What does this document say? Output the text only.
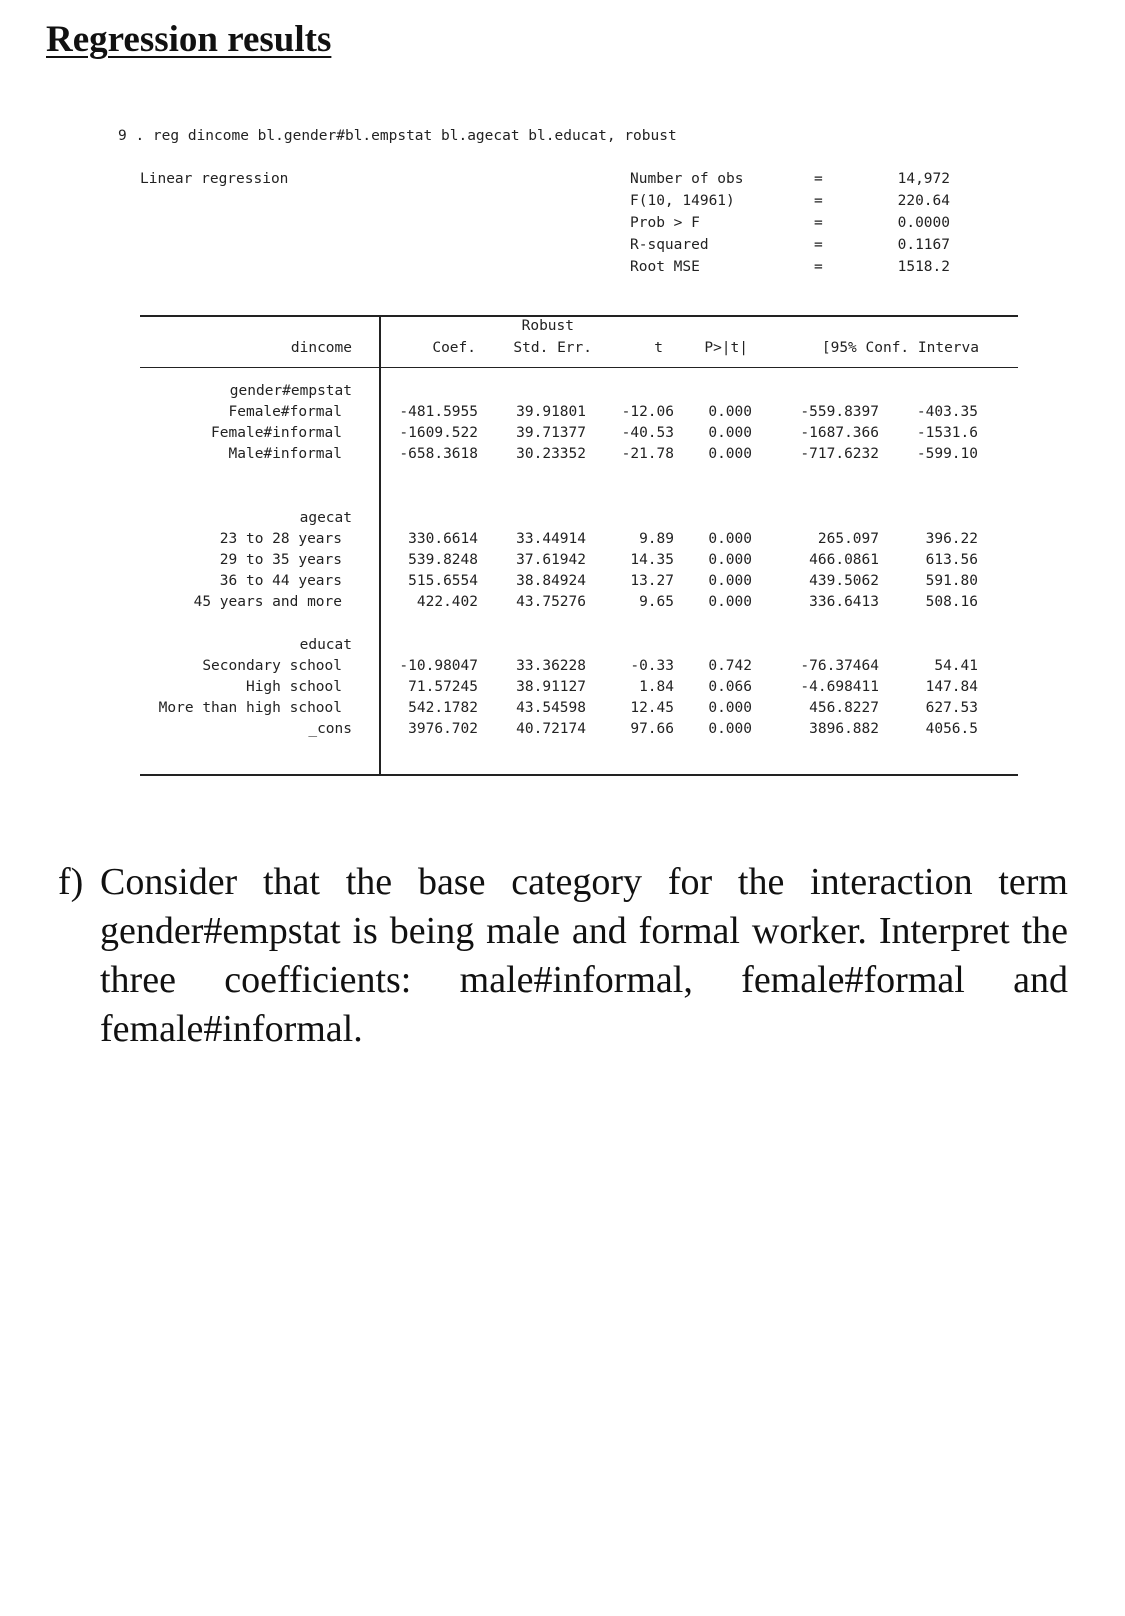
Regression results
9 . reg dincome bl.gender#bl.empstat bl.agecat bl.educat, robust
Linear regression	Number of obs	=	14,972
F(10, 14961)	=	220.64
Prob > F	=	0.0000
R-squared	=	0.1167
Root MSE	=	1518.2
Robust
dincome	Coef.	Std. Err.	t	P>|t|	[95% Conf. Interva
gender#empstat
Female#formal	-481.5955	39.91801 -12.06 0.000	-559.8397	-403.35
Female#informal	-1609.522	39.71377 -40.53 0.000	-1687.366	-1531.6
Male#informal	-658.3618	30.23352 -21.78 0.000	-717.6232	-599.10
agecat
23 to 28 years	330.6614	33.44914	9.89 0.000	265.097	396.22
29 to 35 years	539.8248	37.61942	14.35 0.000	466.0861	613.56
36 to 44 years	515.6554	38.84924	13.27 0.000	439.5062	591.80
45 years and more	422.402	43.75276	9.65 0.000	336.6413	508.16
educat
Secondary school	-10.98047	33.36228	-0.33 0.742	-76.37464	54.41
High school	71.57245	38.91127	1.84 0.066	-4.698411	147.84
More than high school	542.1782	43.54598	12.45 0.000	456.8227	627.53
_cons	3976.702	40.72174	97.66 0.000	3896.882	4056.5
f) Consider that the base category for the interaction term gender#empstat is being male and formal worker. Interpret the three coefficients: male#informal, female#formal and female#informal.
